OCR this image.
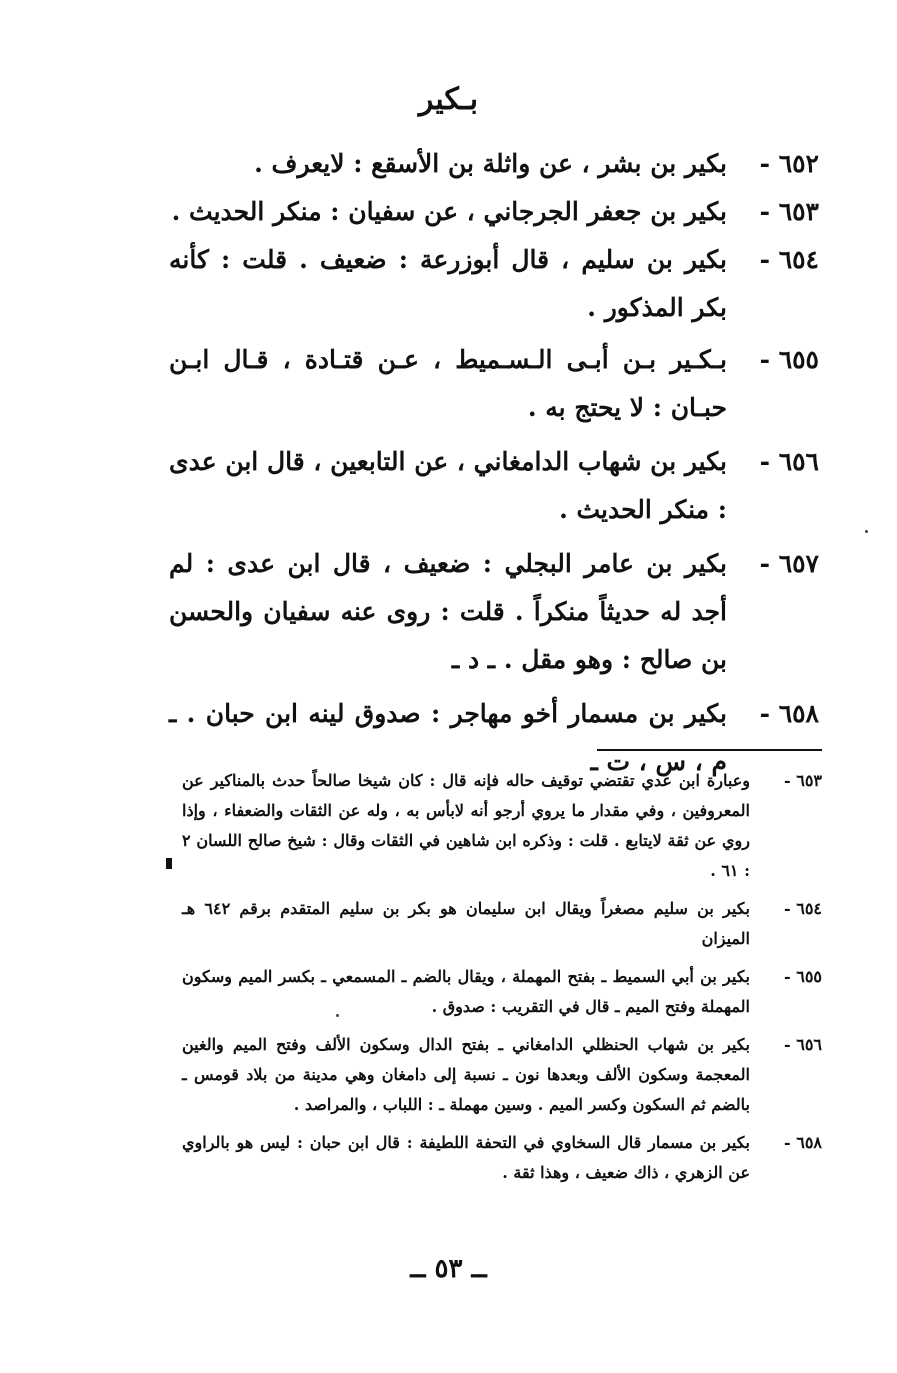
بـكير
٦٥٢ -
بكير بن بشر ، عن واثلة بن الأسقع : لايعرف .
٦٥٣ -
بكير بن جعفر الجرجاني ، عن سفيان : منكر الحديث .
٦٥٤ -
بكير بن سليم ، قال أبوزرعة : ضعيف . قلت : كأنه بكر المذكور .
٦٥٥ -
بـكـير بـن أبـى الـسـميط ، عـن قتـادة ، قـال ابـن حبـان : لا يحتج به .
٦٥٦ -
بكير بن شهاب الدامغاني ، عن التابعين ، قال ابن عدى : منكر الحديث .
٦٥٧ -
بكير بن عامر البجلي : ضعيف ، قال ابن عدى : لم أجد له حديثاً منكراً . قلت : روى عنه سفيان والحسن بن صالح : وهو مقل . ـ د ـ
٦٥٨ -
بكير بن مسمار أخو مهاجر : صدوق لينه ابن حبان . ـ م ، س ، ت ـ
٦٥٣ -
وعبارة ابن عدي تقتضي توقيف حاله فإنه قال : كان شيخا صالحاً حدث بالمناكير عن المعروفين ، وفي مقدار ما يروي أرجو أنه لابأس به ، وله عن الثقات والضعفاء ، وإذا روي عن ثقة لايتابع . قلت : وذكره ابن شاهين في الثقات وقال : شيخ صالح اللسان ٢ : ٦١ .
٦٥٤ -
بكير بن سليم مصغراً ويقال ابن سليمان هو بكر بن سليم المتقدم برقم ٦٤٢ هـ الميزان
٦٥٥ -
بكير بن أبي السميط ـ بفتح المهملة ، ويقال بالضم ـ المسمعي ـ بكسر الميم وسكون المهملة وفتح الميم ـ قال في التقريب : صدوق .
٦٥٦ -
بكير بن شهاب الحنظلي الدامغاني ـ بفتح الدال وسكون الألف وفتح الميم والغين المعجمة وسكون الألف وبعدها نون ـ نسبة إلى دامغان وهي مدينة من بلاد قومس ـ بالضم ثم السكون وكسر الميم . وسين مهملة ـ : اللباب ، والمراصد .
٦٥٨ -
بكير بن مسمار قال السخاوي في التحفة اللطيفة : قال ابن حبان : ليس هو بالراوي عن الزهري ، ذاك ضعيف ، وهذا ثقة .
ــ ٥٣ ــ
